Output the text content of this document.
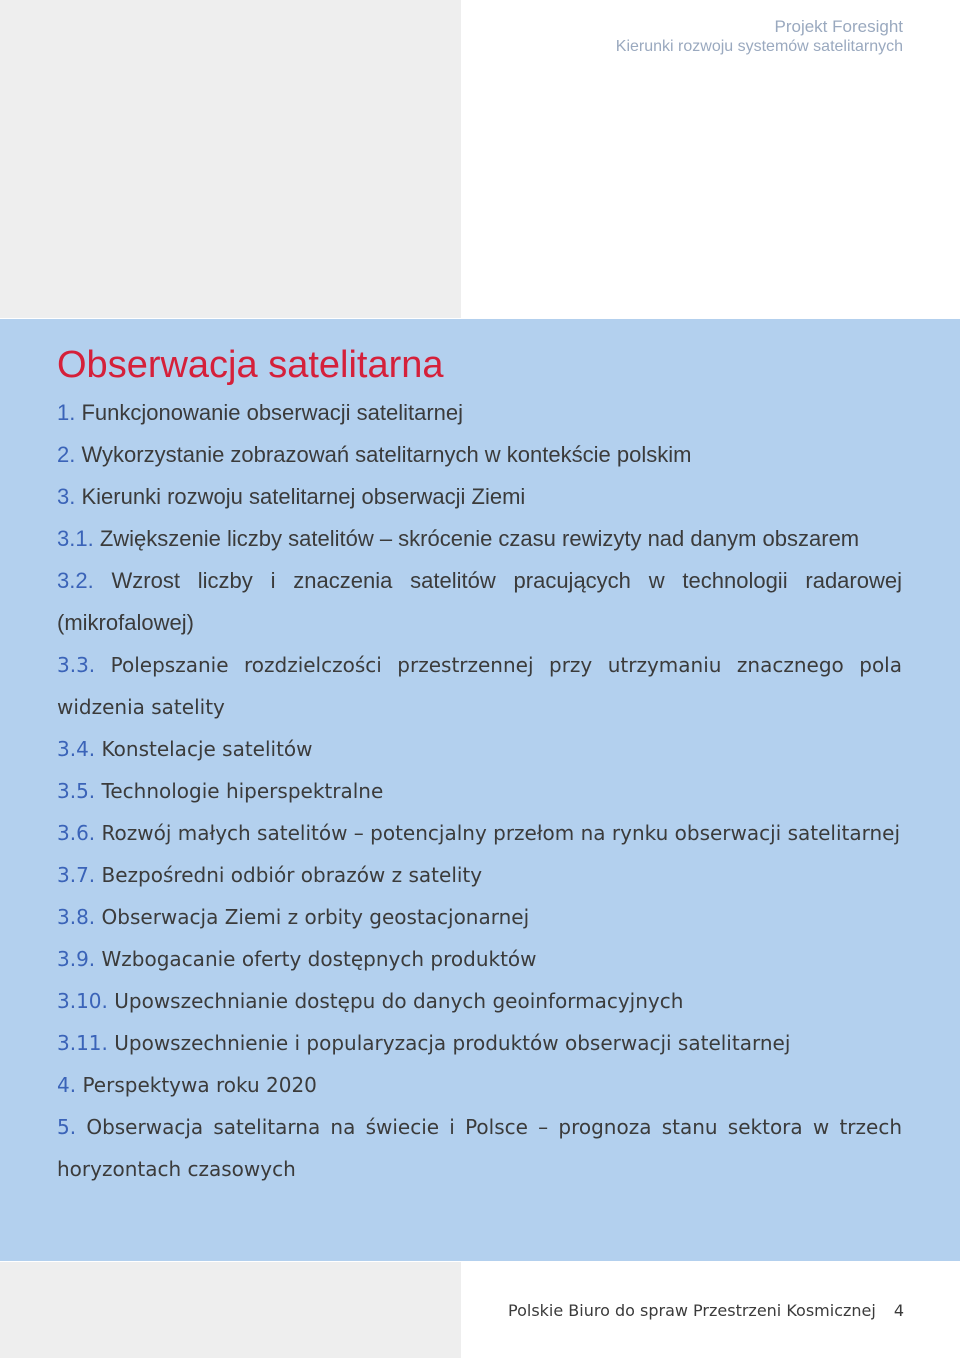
Projekt Foresight
Kierunki rozwoju systemów satelitarnych
Obserwacja satelitarna
1. Funkcjonowanie obserwacji satelitarnej
2. Wykorzystanie zobrazowań satelitarnych w kontekście polskim
3. Kierunki rozwoju satelitarnej obserwacji Ziemi
3.1. Zwiększenie liczby satelitów – skrócenie czasu rewizyty nad danym obszarem
3.2. Wzrost liczby i znaczenia satelitów pracujących w technologii radarowej (mikrofalowej)
3.3. Polepszanie rozdzielczości przestrzennej przy utrzymaniu znacznego pola widzenia satelity
3.4. Konstelacje satelitów
3.5. Technologie hiperspektralne
3.6. Rozwój małych satelitów – potencjalny przełom na rynku obserwacji satelitarnej
3.7. Bezpośredni odbiór obrazów z satelity
3.8. Obserwacja Ziemi z orbity geostacjonarnej
3.9. Wzbogacanie oferty dostępnych produktów
3.10. Upowszechnianie dostępu do danych geoinformacyjnych
3.11. Upowszechnienie i popularyzacja produktów obserwacji satelitarnej
4. Perspektywa roku 2020
5. Obserwacja satelitarna na świecie i Polsce – prognoza stanu sektora w trzech horyzontach czasowych
Polskie Biuro do spraw Przestrzeni Kosmicznej 4
